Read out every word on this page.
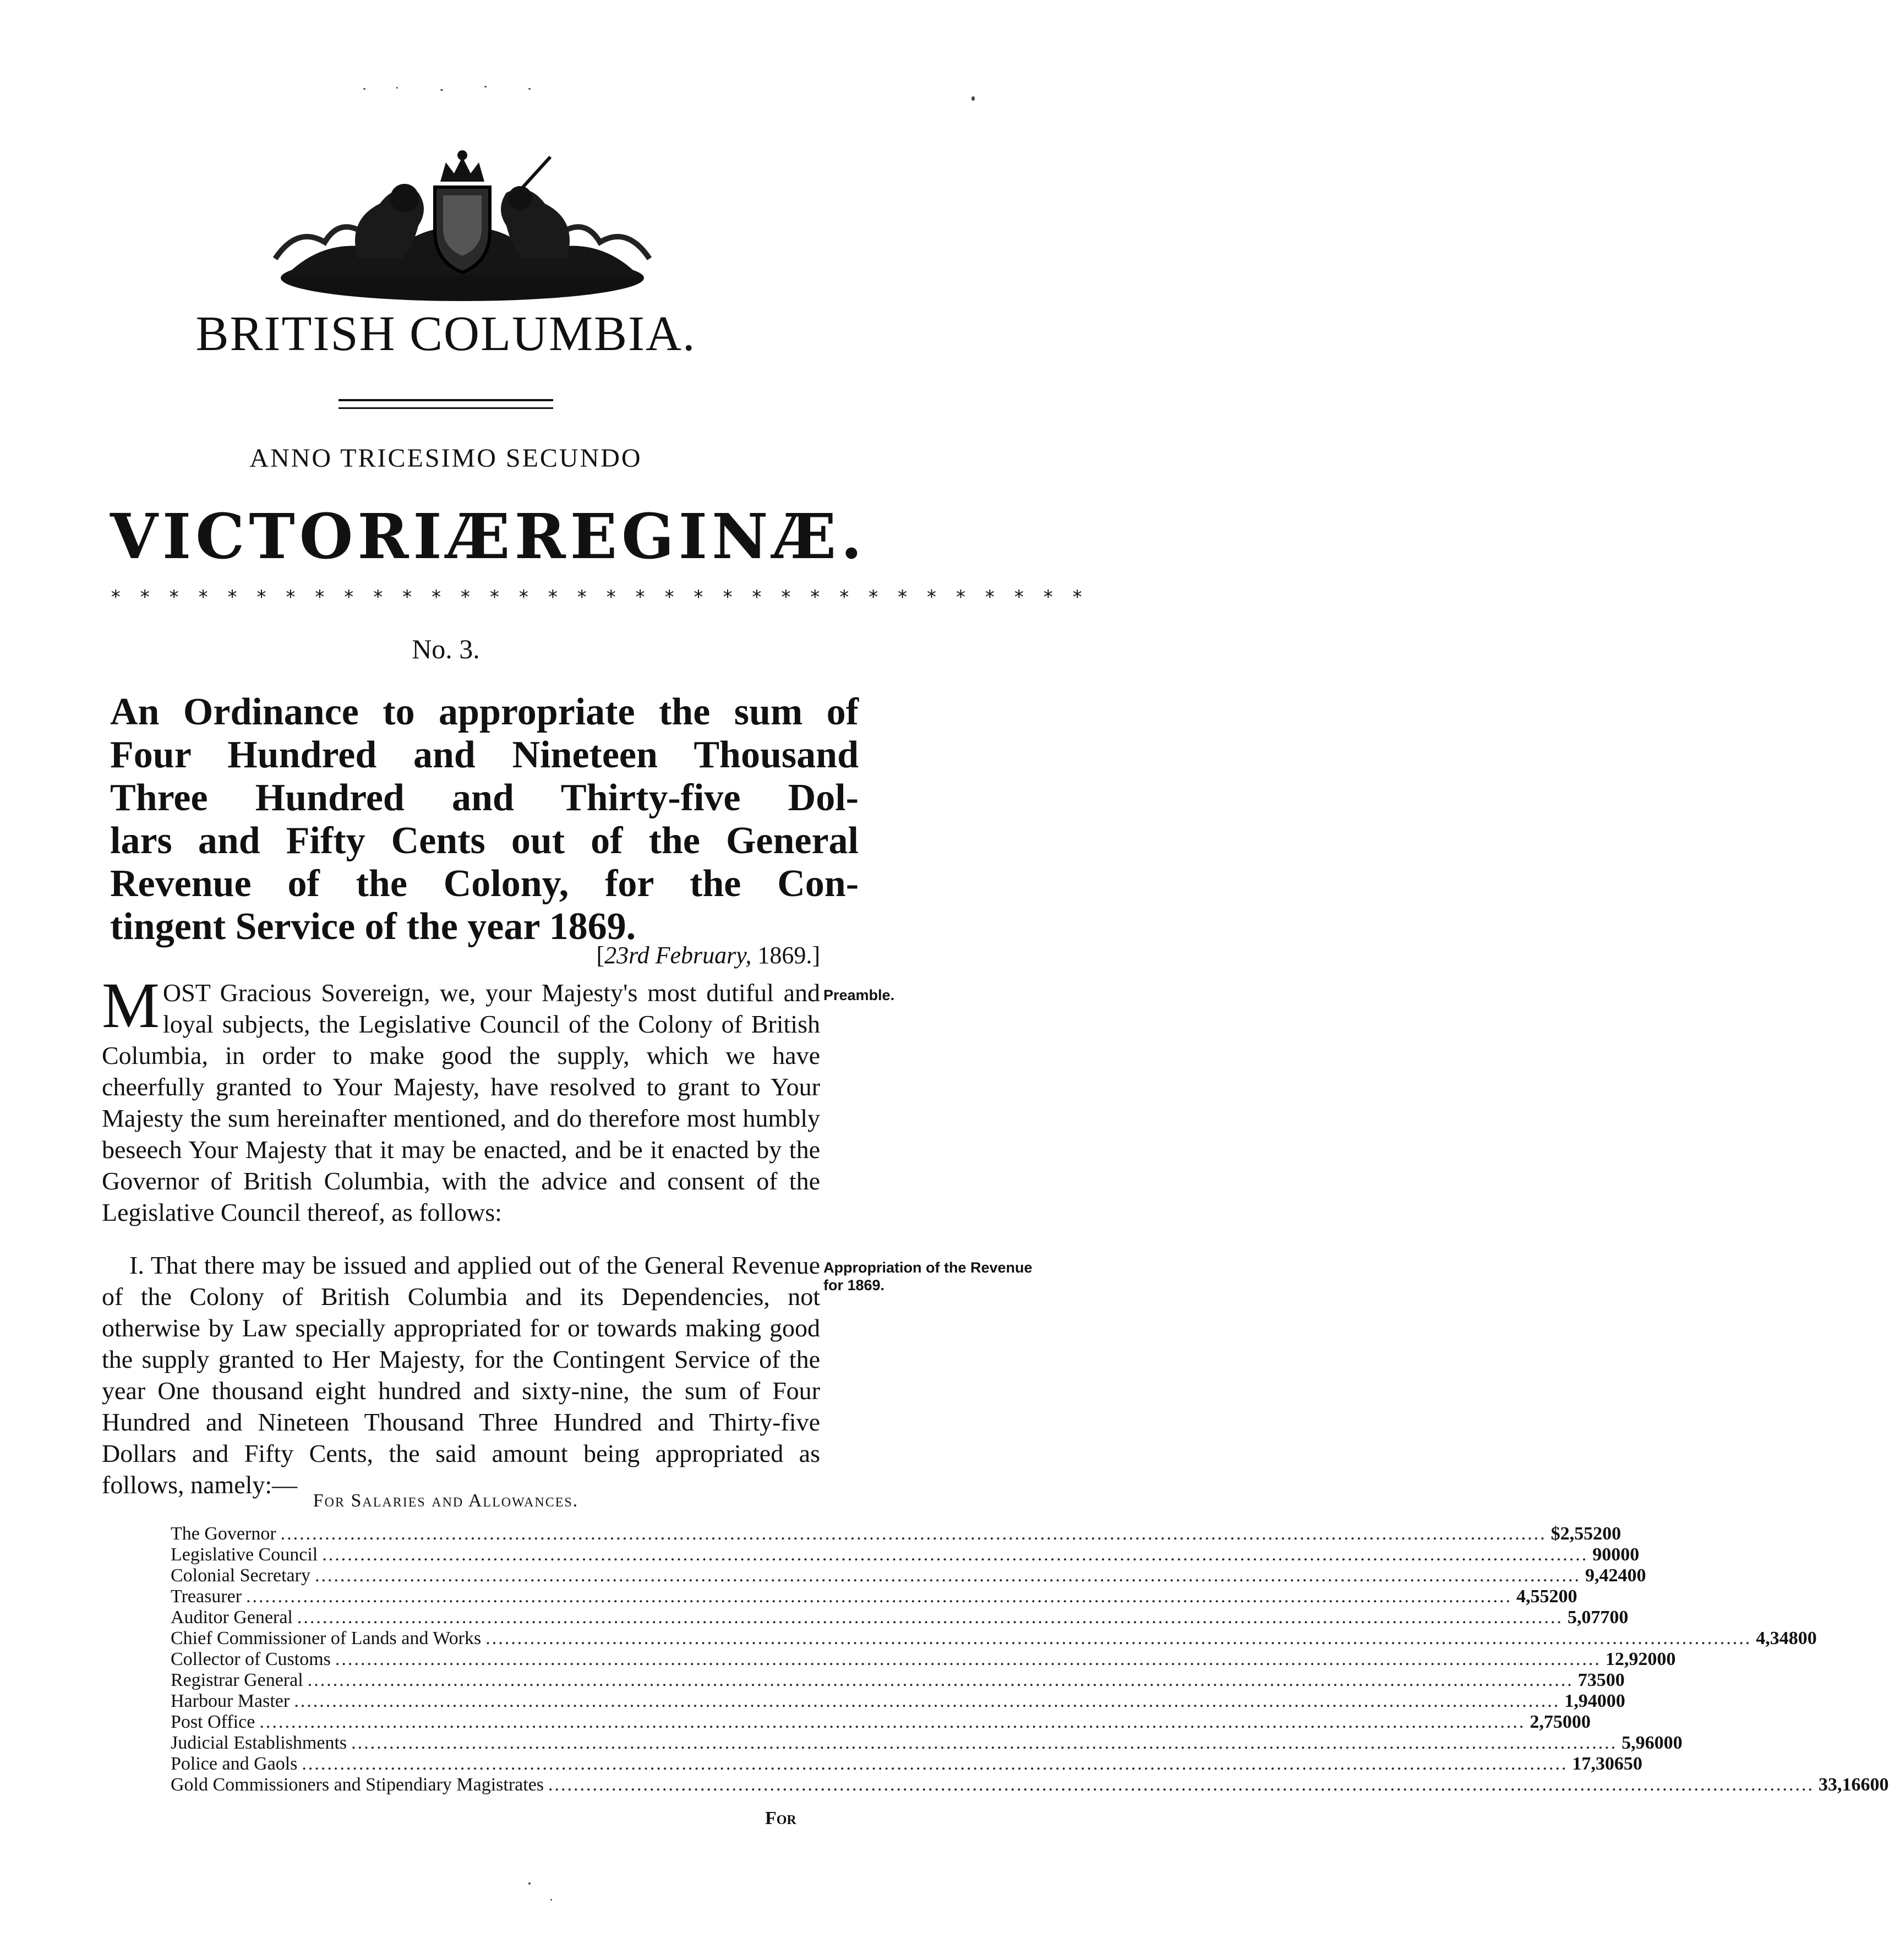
BRITISH COLUMBIA.
ANNO TRICESIMO SECUNDO
VICTORIÆ REGINÆ.
* * * * * * * * * * * * * * * * * * * * * * * * * * * * * * * * * *
No. 3.
An Ordinance to appropriate the sum of
Four Hundred and Nineteen Thousand
Three Hundred and Thirty-five Dol-
lars and Fifty Cents out of the General
Revenue of the Colony, for the Con-
tingent Service of the year 1869.
[23rd February, 1869.]
MOST Gracious Sovereign, we, your Majesty's most dutiful and loyal subjects, the Legislative Council of the Colony of British Columbia, in order to make good the supply, which we have cheerfully granted to Your Majesty, have resolved to grant to Your Majesty the sum hereinafter mentioned, and do therefore most humbly beseech Your Majesty that it may be enacted, and be it enacted by the Governor of British Columbia, with the advice and consent of the Legislative Council thereof, as follows:
Preamble.
I. That there may be issued and applied out of the General Revenue of the Colony of British Columbia and its Dependencies, not otherwise by Law specially appropriated for or towards making good the supply granted to Her Majesty, for the Contingent Service of the year One thousand eight hundred and sixty-nine, the sum of Four Hundred and Nineteen Thousand Three Hundred and Thirty-five Dollars and Fifty Cents, the said amount being appropriated as follows, namely:—
Appropriation of the Revenue for 1869.
For Salaries and Allowances.
The Governor ........................................................................................................................................................................................................ $2,552 00
Legislative Council ........................................................................................................................................................................................................ 900 00
Colonial Secretary ........................................................................................................................................................................................................ 9,424 00
Treasurer ........................................................................................................................................................................................................ 4,552 00
Auditor General ........................................................................................................................................................................................................ 5,077 00
Chief Commissioner of Lands and Works ........................................................................................................................................................................................................ 4,348 00
Collector of Customs ........................................................................................................................................................................................................ 12,920 00
Registrar General ........................................................................................................................................................................................................ 735 00
Harbour Master ........................................................................................................................................................................................................ 1,940 00
Post Office ........................................................................................................................................................................................................ 2,750 00
Judicial Establishments ........................................................................................................................................................................................................ 5,960 00
Police and Gaols ........................................................................................................................................................................................................ 17,306 50
Gold Commissioners and Stipendiary Magistrates ........................................................................................................................................................................................................ 33,166 00
For
